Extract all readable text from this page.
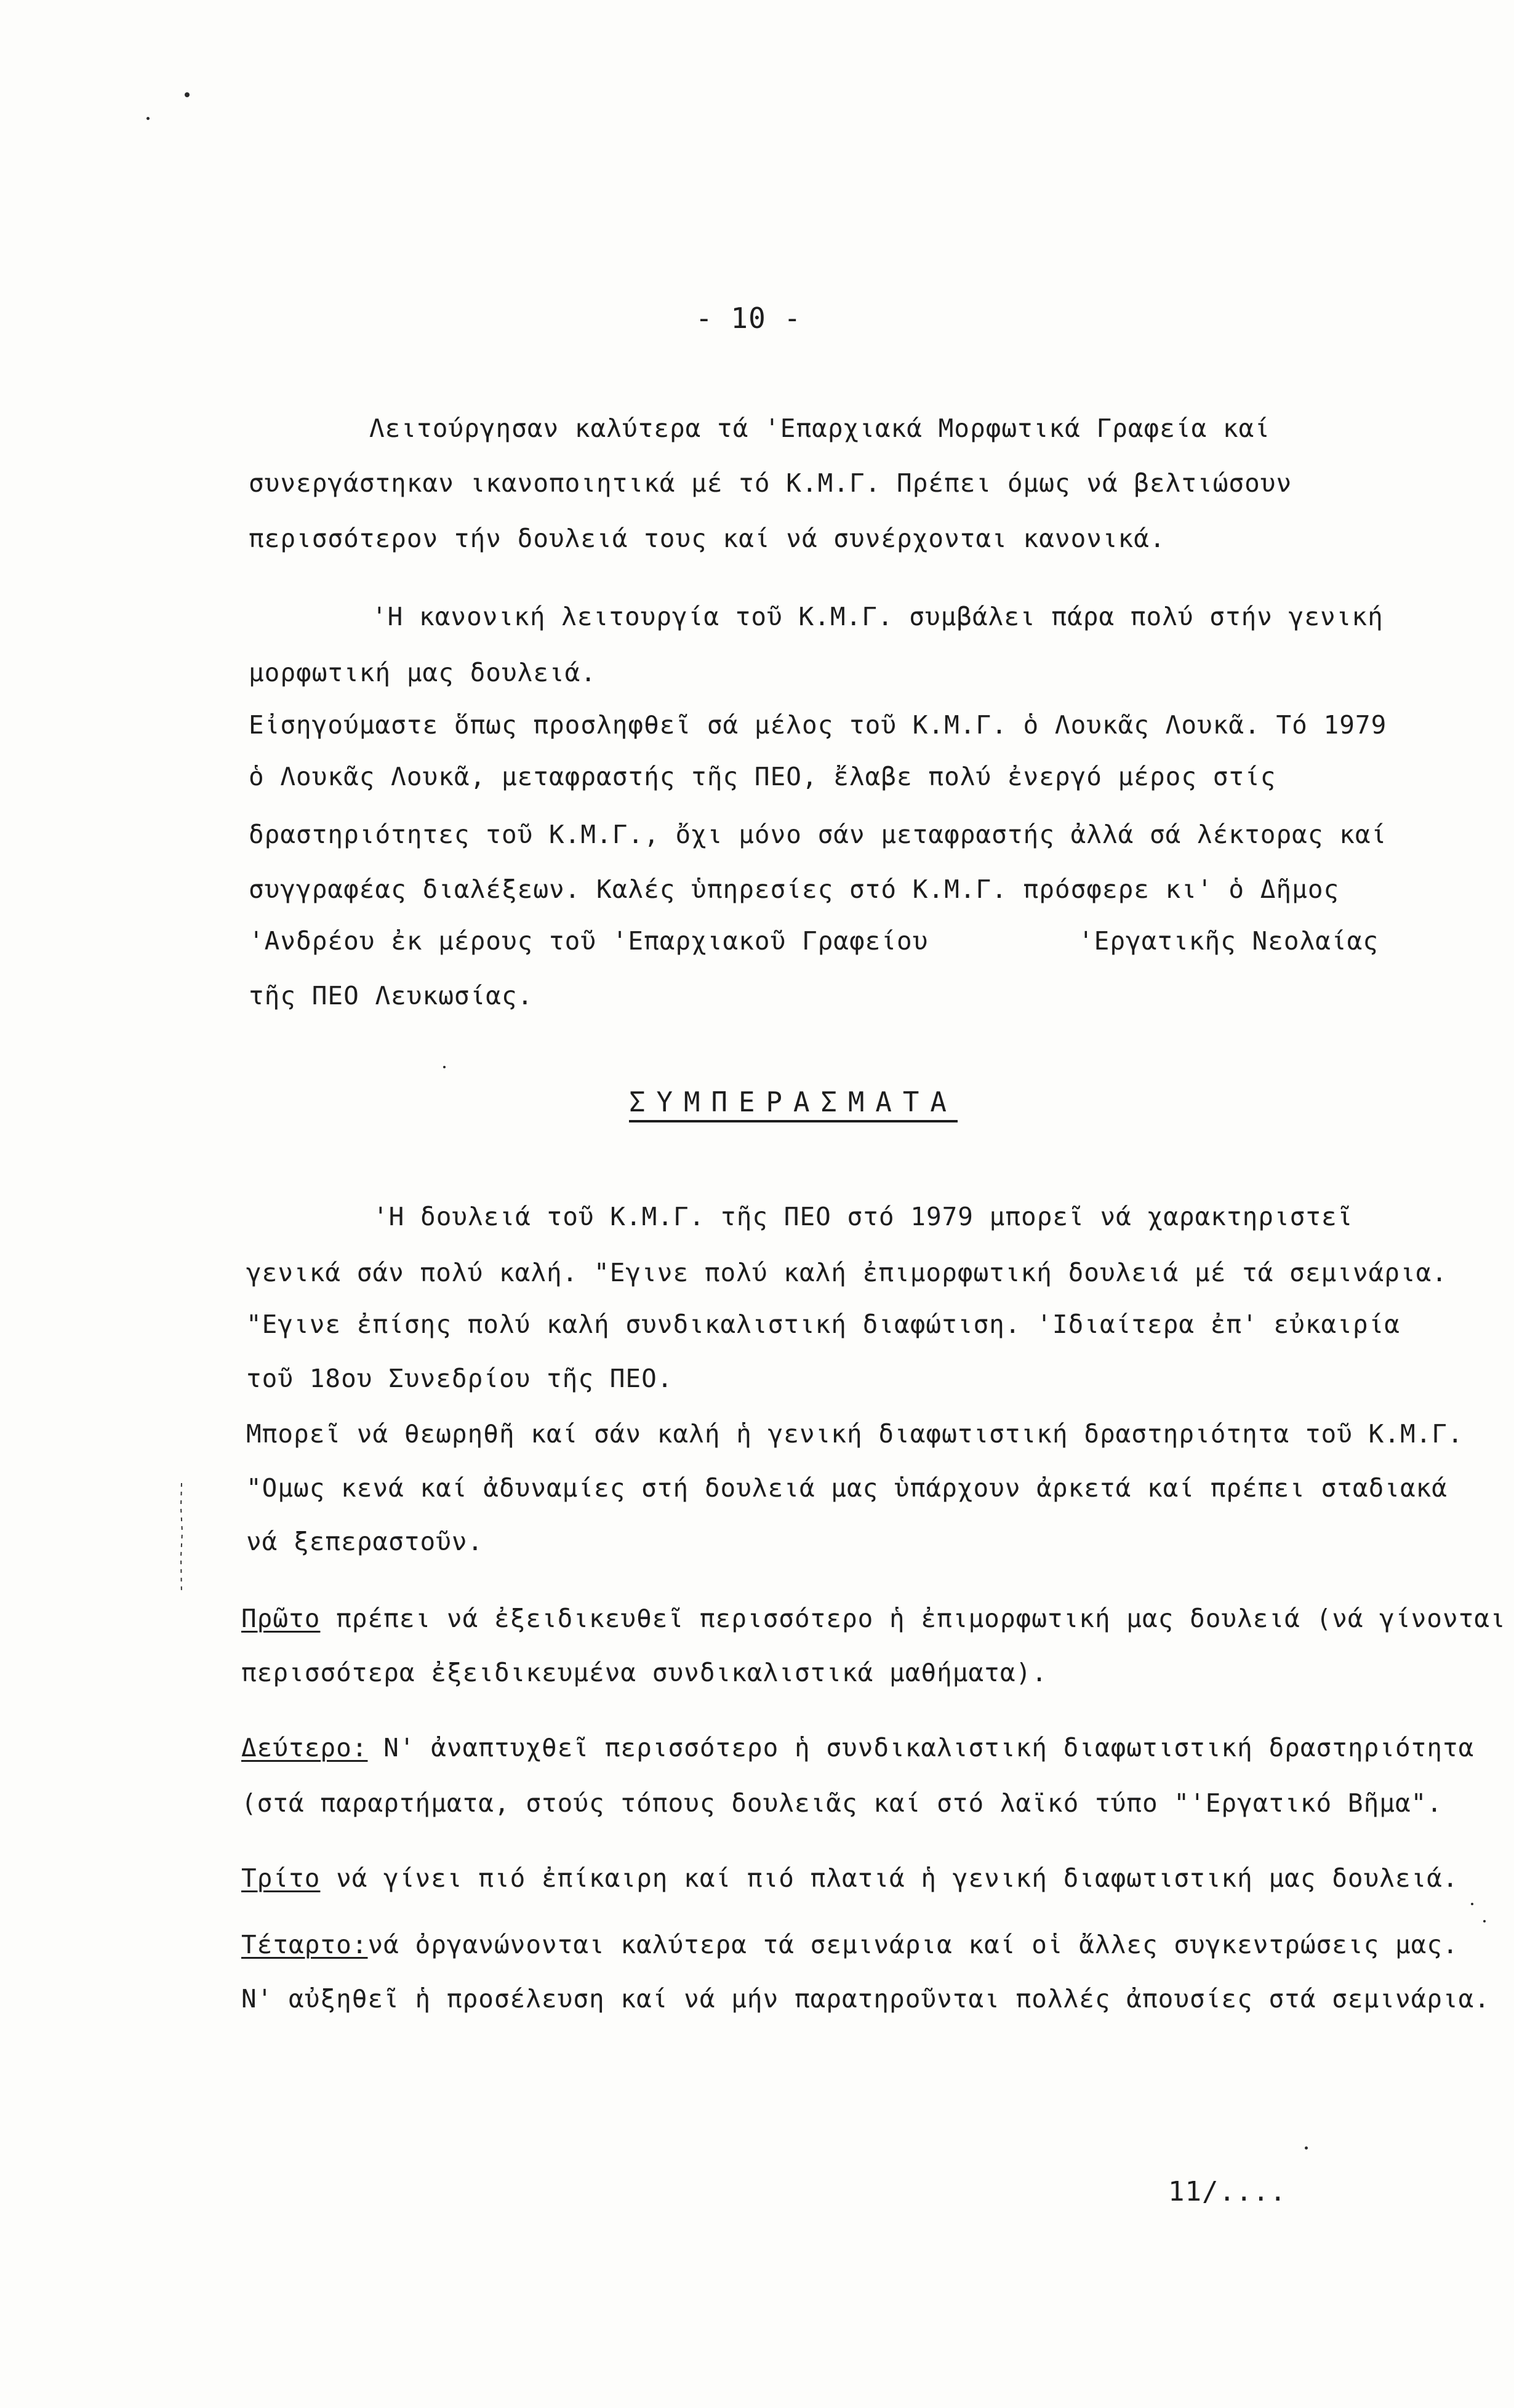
- 10 -
Λειτούργησαν καλύτερα τά 'Επαρχιακά Μορφωτικά Γραφεία καί
συνεργάστηκαν ικανοποιητικά μέ τό Κ.Μ.Γ. Πρέπει όμως νά βελτιώσουν
περισσότερον τήν δουλειά τους καί νά συνέρχονται κανονικά.
'Η κανονική λειτουργία τοῦ Κ.Μ.Γ. συμβάλει πάρα πολύ στήν γενική
μορφωτική μας δουλειά.
Εἰσηγούμαστε ὅπως προσληφθεῖ σά μέλος τοῦ Κ.Μ.Γ. ὁ Λουκᾶς Λουκᾶ. Τό 1979
ὁ Λουκᾶς Λουκᾶ, μεταφραστής τῆς ΠΕΟ, ἔλαβε πολύ ἐνεργό μέρος στίς
δραστηριότητες τοῦ Κ.Μ.Γ., ὄχι μόνο σάν μεταφραστής ἀλλά σά λέκτορας καί
συγγραφέας διαλέξεων. Καλές ὑπηρεσίες στό Κ.Μ.Γ. πρόσφερε κι' ὁ Δῆμος
'Ανδρέου ἐκ μέρους τοῦ 'Επαρχιακοῦ Γραφείου	'Εργατικῆς Νεολαίας
τῆς ΠΕΟ Λευκωσίας.
ΣΥΜΠΕΡΑΣΜΑΤΑ
'Η δουλειά τοῦ Κ.Μ.Γ. τῆς ΠΕΟ στό 1979 μπορεῖ νά χαρακτηριστεῖ
γενικά σάν πολύ καλή. "Εγινε πολύ καλή ἐπιμορφωτική δουλειά μέ τά σεμινάρια.
"Εγινε ἐπίσης πολύ καλή συνδικαλιστική διαφώτιση. 'Ιδιαίτερα ἐπ' εὐκαιρία
τοῦ 18ου Συνεδρίου τῆς ΠΕΟ.
Μπορεῖ νά θεωρηθῆ καί σάν καλή ἡ γενική διαφωτιστική δραστηριότητα τοῦ Κ.Μ.Γ.
"Ομως κενά καί ἀδυναμίες στή δουλειά μας ὑπάρχουν ἀρκετά καί πρέπει σταδιακά
νά ξεπεραστοῦν.
Πρῶτο πρέπει νά ἐξειδικευθεῖ περισσότερο ἡ ἐπιμορφωτική μας δουλειά (νά γίνονται
περισσότερα ἐξειδικευμένα συνδικαλιστικά μαθήματα).
Δεύτερο: Ν' ἀναπτυχθεῖ περισσότερο ἡ συνδικαλιστική διαφωτιστική δραστηριότητα
(στά παραρτήματα, στούς τόπους δουλειᾶς καί στό λαϊκό τύπο "'Εργατικό Βῆμα".
Τρίτο νά γίνει πιό ἐπίκαιρη καί πιό πλατιά ἡ γενική διαφωτιστική μας δουλειά.
Τέταρτο:νά ὀργανώνονται καλύτερα τά σεμινάρια καί οἱ ἄλλες συγκεντρώσεις μας.
Ν' αὐξηθεῖ ἡ προσέλευση καί νά μήν παρατηροῦνται πολλές ἀπουσίες στά σεμινάρια.
11/....
